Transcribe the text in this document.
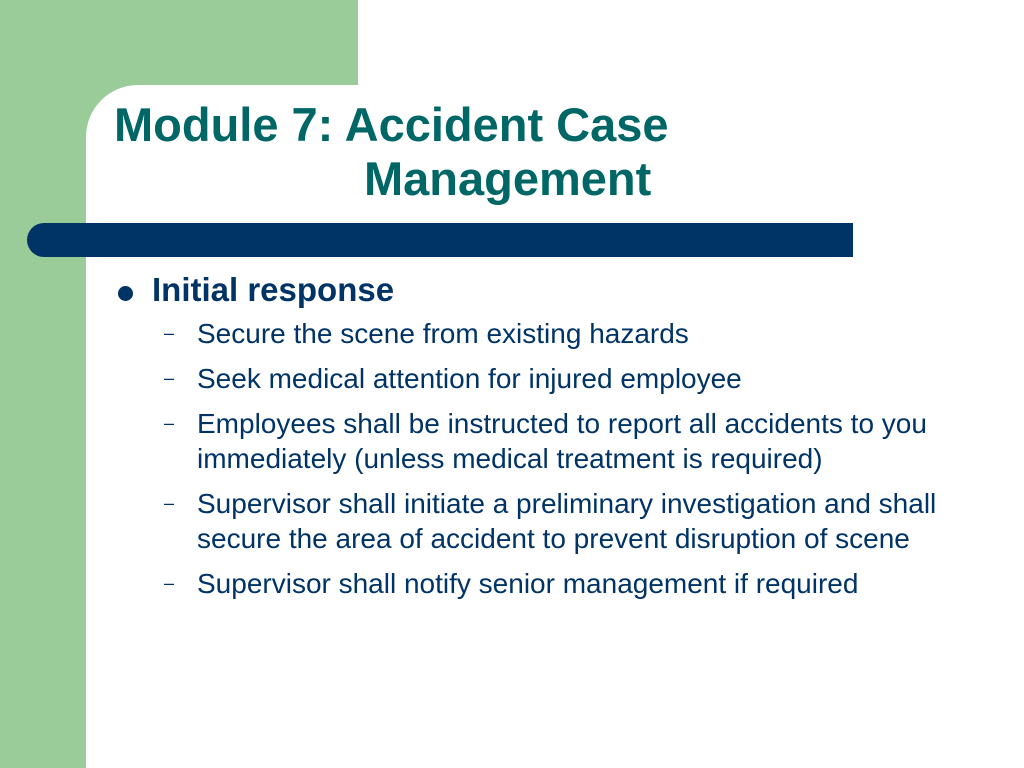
Module 7: Accident Case
Management
Initial response
– Secure the scene from existing hazards
– Seek medical attention for injured employee
– Employees shall be instructed to report all accidents to you immediately (unless medical treatment is required)
– Supervisor shall initiate a preliminary investigation and shall secure the area of accident to prevent disruption of scene
– Supervisor shall notify senior management if required
